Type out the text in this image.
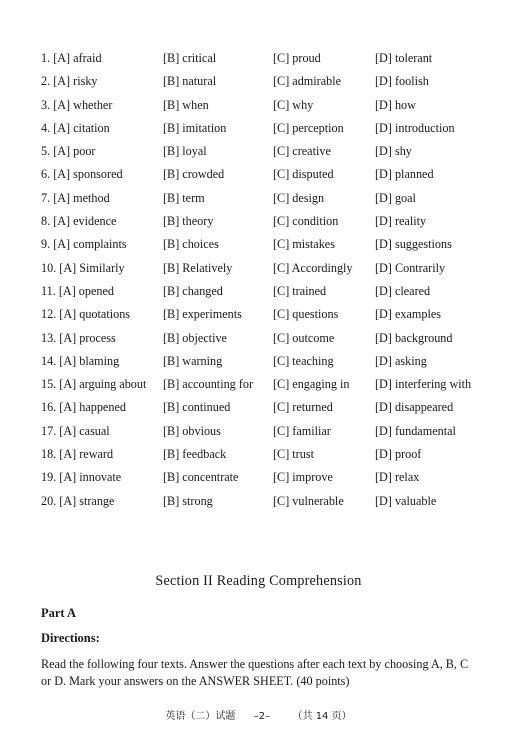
1. [A] afraid	[B] critical	[C] proud	[D] tolerant
2. [A] risky	[B] natural	[C] admirable	[D] foolish
3. [A] whether	[B] when	[C] why	[D] how
4. [A] citation	[B] imitation	[C] perception	[D] introduction
5. [A] poor	[B] loyal	[C] creative	[D] shy
6. [A] sponsored	[B] crowded	[C] disputed	[D] planned
7. [A] method	[B] term	[C] design	[D] goal
8. [A] evidence	[B] theory	[C] condition	[D] reality
9. [A] complaints	[B] choices	[C] mistakes	[D] suggestions
10. [A] Similarly	[B] Relatively	[C] Accordingly [D] Contrarily
11. [A] opened	[B] changed	[C] trained	[D] cleared
12. [A] quotations	[B] experiments	[C] questions	[D] examples
13. [A] process	[B] objective	[C] outcome	[D] background
14. [A] blaming	[B] warning	[C] teaching	[D] asking
15. [A] arguing about [B] accounting for [C] engaging in [D] interfering with
16. [A] happened	[B] continued	[C] returned	[D] disappeared
17. [A] casual	[B] obvious	[C] familiar	[D] fundamental
18. [A] reward	[B] feedback	[C] trust	[D] proof
19. [A] innovate	[B] concentrate	[C] improve	[D] relax
20. [A] strange	[B] strong	[C] vulnerable	[D] valuable
Section II Reading Comprehension
Part A
Directions:
Read the following four texts. Answer the questions after each text by choosing A, B, C or D. Mark your answers on the ANSWER SHEET. (40 points)
英语（二）试题 –2– （共 14 页）
